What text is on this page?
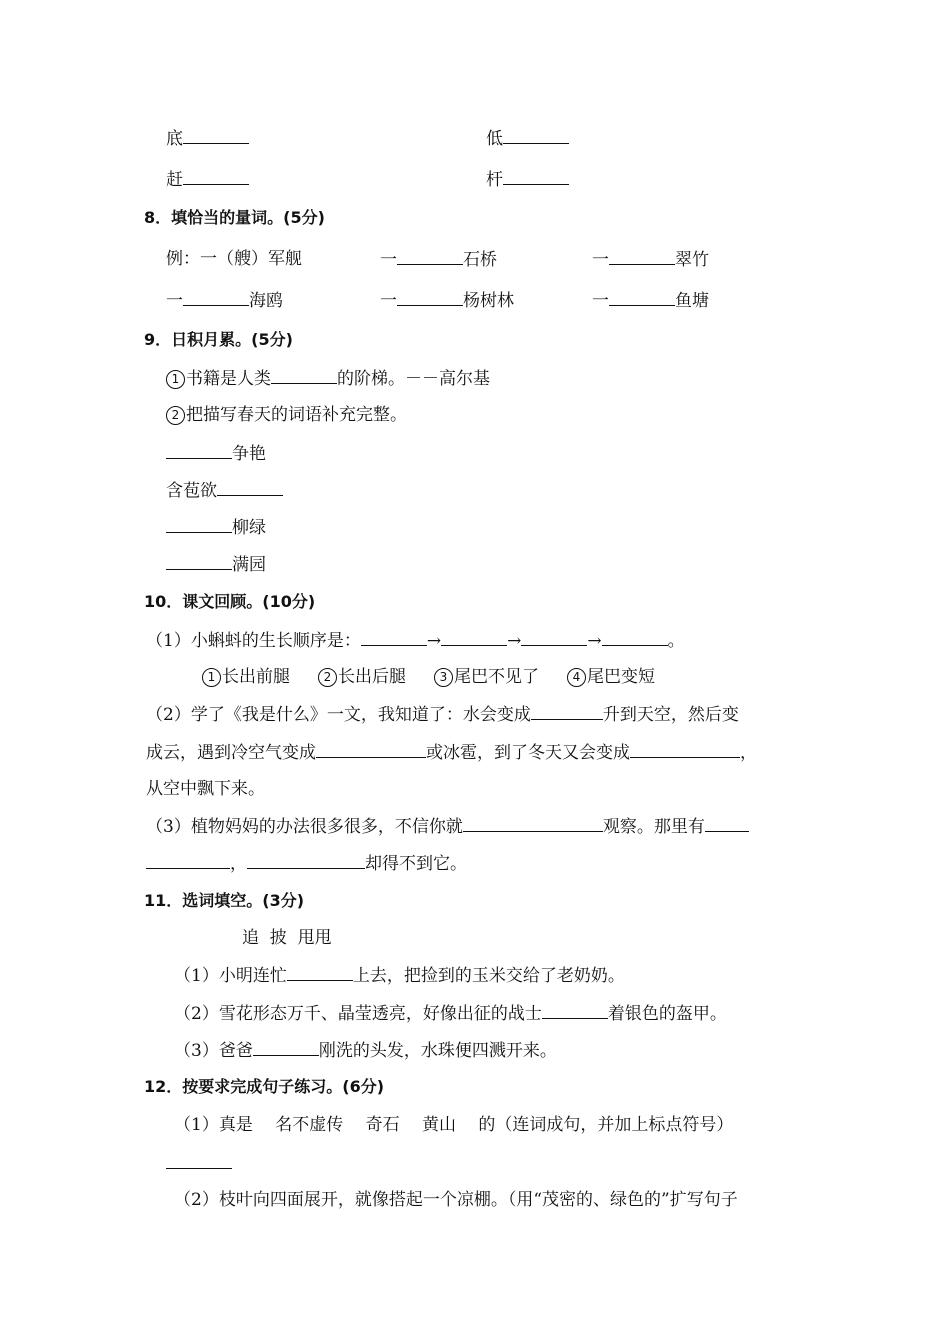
底	低
赶	杆
8．填恰当的量词。(5分)
例：一（艘）军舰	一	石桥	一	翠竹
一	海鸥	一	杨树林	一	鱼塘
9．日积月累。(5分)
1 书籍是人类	的阶梯。－－高尔基
2 把描写春天的词语补充完整。
争艳
含苞欲
柳绿
满园
10．课文回顾。(10分)
（1）小蝌蚪的生长顺序是：	→	→	→	。
1 长出前腿	2 长出后腿	3 尾巴不见了	4 尾巴变短
（2）学了《我是什么》一文，我知道了：水会变成	升到天空，然后变
成云，遇到冷空气变成	或冰雹，到了冬天又会变成	，
从空中飘下来。
（3）植物妈妈的办法很多很多，不信你就	观察。那里有
，	却得不到它。
11．选词填空。(3分)
追  披  甩甩
（1）小明连忙	上去，把捡到的玉米交给了老奶奶。
（2）雪花形态万千、晶莹透亮，好像出征的战士	着银色的盔甲。
（3）爸爸	刚洗的头发，水珠便四溅开来。
12．按要求完成句子练习。(6分)
（1）真是　 名不虚传　 奇石　 黄山　 的（连词成句，并加上标点符号）
（2）枝叶向四面展开，就像搭起一个凉棚。（用“茂密的、绿色的”扩写句子
